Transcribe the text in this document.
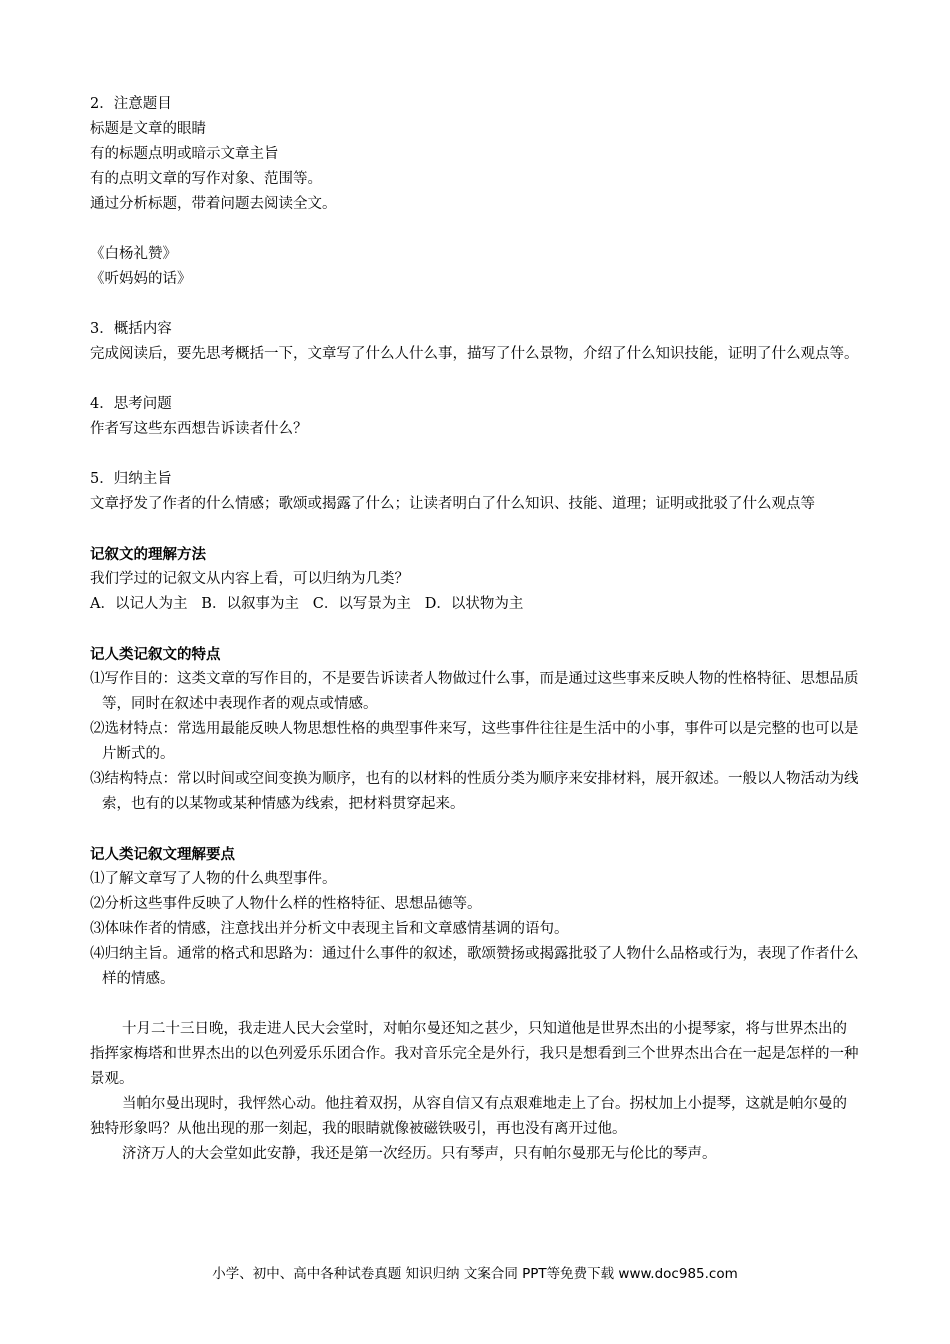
2．注意题目
标题是文章的眼睛
有的标题点明或暗示文章主旨
有的点明文章的写作对象、范围等。
通过分析标题，带着问题去阅读全文。
《白杨礼赞》
《听妈妈的话》
3．概括内容
完成阅读后，要先思考概括一下，文章写了什么人什么事，描写了什么景物，介绍了什么知识技能，证明了什么观点等。
4．思考问题
作者写这些东西想告诉读者什么？
5．归纳主旨
文章抒发了作者的什么情感；歌颂或揭露了什么；让读者明白了什么知识、技能、道理；证明或批驳了什么观点等
记叙文的理解方法
我们学过的记叙文从内容上看，可以归纳为几类？
A．以记人为主   B．以叙事为主   C．以写景为主   D．以状物为主
记人类记叙文的特点
⑴写作目的：这类文章的写作目的，不是要告诉读者人物做过什么事，而是通过这些事来反映人物的性格特征、思想品质等，同时在叙述中表现作者的观点或情感。
⑵选材特点：常选用最能反映人物思想性格的典型事件来写，这些事件往往是生活中的小事，事件可以是完整的也可以是片断式的。
⑶结构特点：常以时间或空间变换为顺序，也有的以材料的性质分类为顺序来安排材料，展开叙述。一般以人物活动为线索，也有的以某物或某种情感为线索，把材料贯穿起来。
记人类记叙文理解要点
⑴了解文章写了人物的什么典型事件。
⑵分析这些事件反映了人物什么样的性格特征、思想品德等。
⑶体味作者的情感，注意找出并分析文中表现主旨和文章感情基调的语句。
⑷归纳主旨。通常的格式和思路为：通过什么事件的叙述，歌颂赞扬或揭露批驳了人物什么品格或行为，表现了作者什么样的情感。
十月二十三日晚，我走进人民大会堂时，对帕尔曼还知之甚少，只知道他是世界杰出的小提琴家，将与世界杰出的指挥家梅塔和世界杰出的以色列爱乐乐团合作。我对音乐完全是外行，我只是想看到三个世界杰出合在一起是怎样的一种景观。
当帕尔曼出现时，我怦然心动。他拄着双拐，从容自信又有点艰难地走上了台。拐杖加上小提琴，这就是帕尔曼的独特形象吗？从他出现的那一刻起，我的眼睛就像被磁铁吸引，再也没有离开过他。
济济万人的大会堂如此安静，我还是第一次经历。只有琴声，只有帕尔曼那无与伦比的琴声。
小学、初中、高中各种试卷真题 知识归纳 文案合同 PPT等免费下载 www.doc985.com
